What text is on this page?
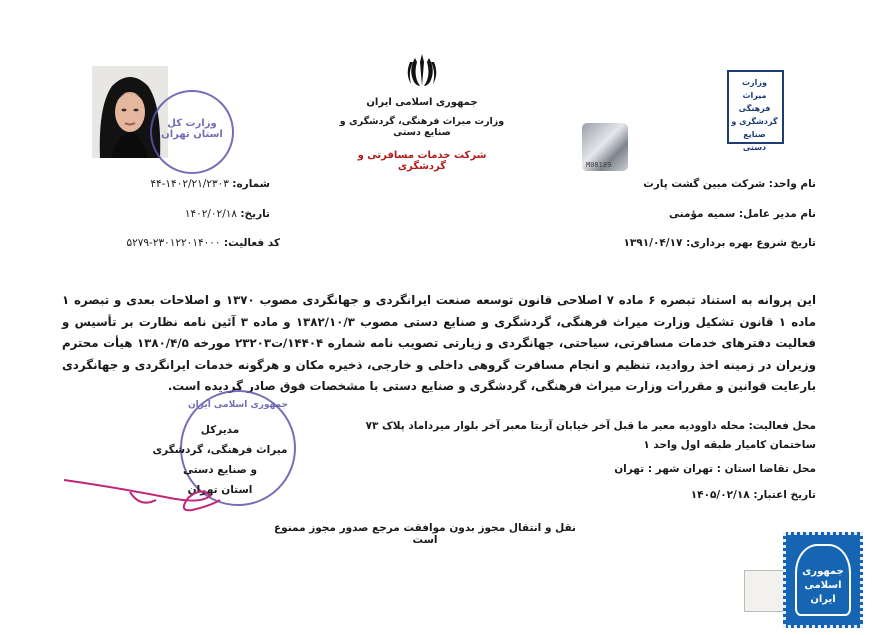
وزارت کل استان تهران
جمهوری اسلامی ایران
وزارت میراث فرهنگی، گردشگری و صنایع دستی
شرکت خدمات مسافرتی و گردشگری	M08189
وزارت میراث فرهنگی گردشگری و صنایع دستی
شماره: ۱۴۰۲/۲۱/۲۳۰۳-۴۴
تاریخ: ۱۴۰۲/۰۲/۱۸
کد فعالیت: ۲۳۰۱۲۲۰۱۴۰۰۰-۵۲۷۹
نام واحد: شرکت مبین گشت پارت
نام مدیر عامل: سمیه مؤمنی
تاریخ شروع بهره برداری: ۱۳۹۱/۰۴/۱۷
این پروانه به استناد تبصره ۶ ماده ۷ اصلاحی قانون توسعه صنعت ایرانگردی و جهانگردی مصوب ۱۳۷۰ و اصلاحات بعدی و تبصره ۱ ماده ۱ قانون تشکیل وزارت میراث فرهنگی، گردشگری و صنایع دستی مصوب ۱۳۸۲/۱۰/۳ و ماده ۳ آئین نامه نظارت بر تأسیس و فعالیت دفترهای خدمات مسافرتی، سیاحتی، جهانگردی و زیارتی تصویب نامه شماره ۱۴۴۰۴/ت۲۳۲۰۳ مورخه ۱۳۸۰/۴/۵ هیأت محترم وزیران در زمینه اخذ روادید، تنظیم و انجام مسافرت گروهی داخلی و خارجی، ذخیره مکان و هرگونه خدمات ایرانگردی و جهانگردی بارعایت قوانین و مقررات وزارت میراث فرهنگی، گردشگری و صنایع دستی با مشخصات فوق صادر گردیده است.
محل فعالیت: محله داوودیه معبر ما قبل آخر خیابان آزیتا معبر آخر بلوار میرداماد پلاک ۷۳ ساختمان کامیار طبقه اول واحد ۱
محل تقاضا استان : تهران شهر : تهران
تاریخ اعتبار: ۱۴۰۵/۰۲/۱۸
جمهوری اسلامی ایران
مدیرکل
میراث فرهنگی، گردشگری و صنایع دستی
استان تهران
نقل و انتقال مجوز بدون موافقت مرجع صدور مجوز ممنوع است
جمهوری اسلامی ایران
